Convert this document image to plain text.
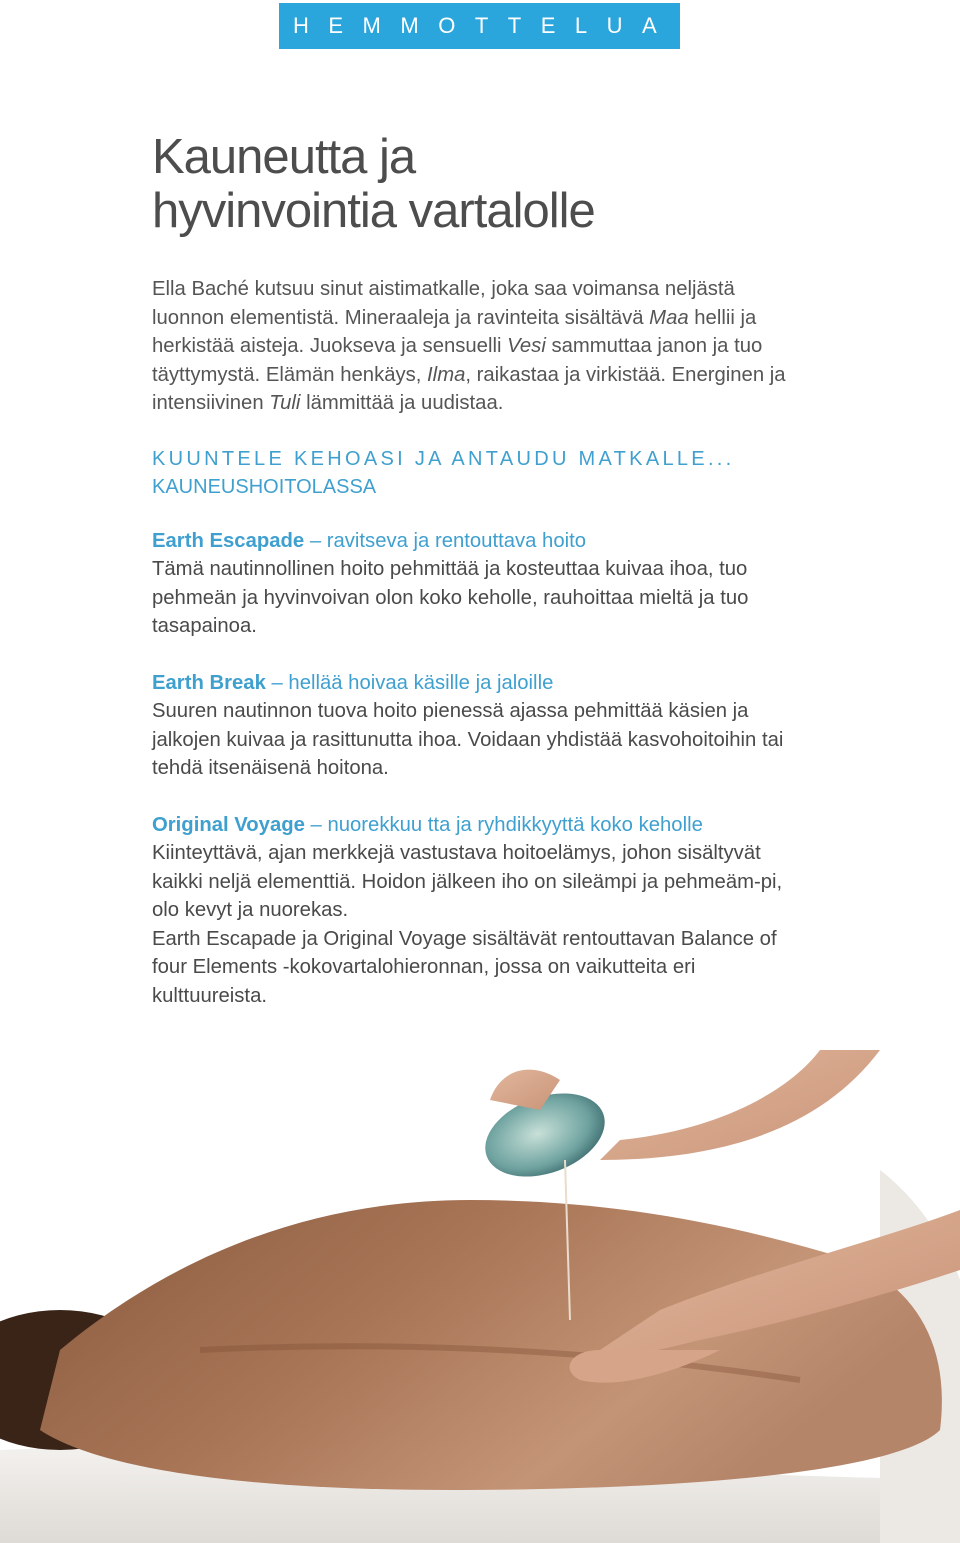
HEMMOTTELUA
Kauneutta ja
hyvinvointia vartalolle

Ella Baché kutsuu sinut aistimatkalle, joka saa voimansa neljästä luonnon elementistä. Mineraaleja ja ravinteita sisältävä Maa hellii ja herkistää aisteja. Juokseva ja sensuelli Vesi sammuttaa janon ja tuo täyttymystä. Elämän henkäys, Ilma, raikastaa ja virkistää. Energinen ja intensiivinen Tuli lämmittää ja uudistaa.

KUUNTELE KEHOASI JA ANTAUDU MATKALLE...
KAUNEUSHOITOLASSA
Earth Escapade – ravitseva ja rentouttava hoito

Tämä nautinnollinen hoito pehmittää ja kosteuttaa kuivaa ihoa, tuo pehmeän ja hyvinvoivan olon koko keholle, rauhoittaa mieltä ja tuo tasapainoa.

Earth Break – hellää hoivaa käsille ja jaloille

Suuren nautinnon tuova hoito pienessä ajassa pehmittää käsien ja jalkojen kuivaa ja rasittunutta ihoa. Voidaan yhdistää kasvohoitoihin tai tehdä itsenäisenä hoitona.

Original Voyage – nuorekkuu tta ja ryhdikkyyttä koko keholle

Kiinteyttävä, ajan merkkejä vastustava hoitoelämys, johon sisältyvät kaikki neljä elementtiä. Hoidon jälkeen iho on sileämpi ja pehmeäm-pi, olo kevyt ja nuorekas.

Earth Escapade ja Original Voyage sisältävät rentouttavan Balance of four Elements -kokovartalohieronnan, jossa on vaikutteita eri kulttuureista.
